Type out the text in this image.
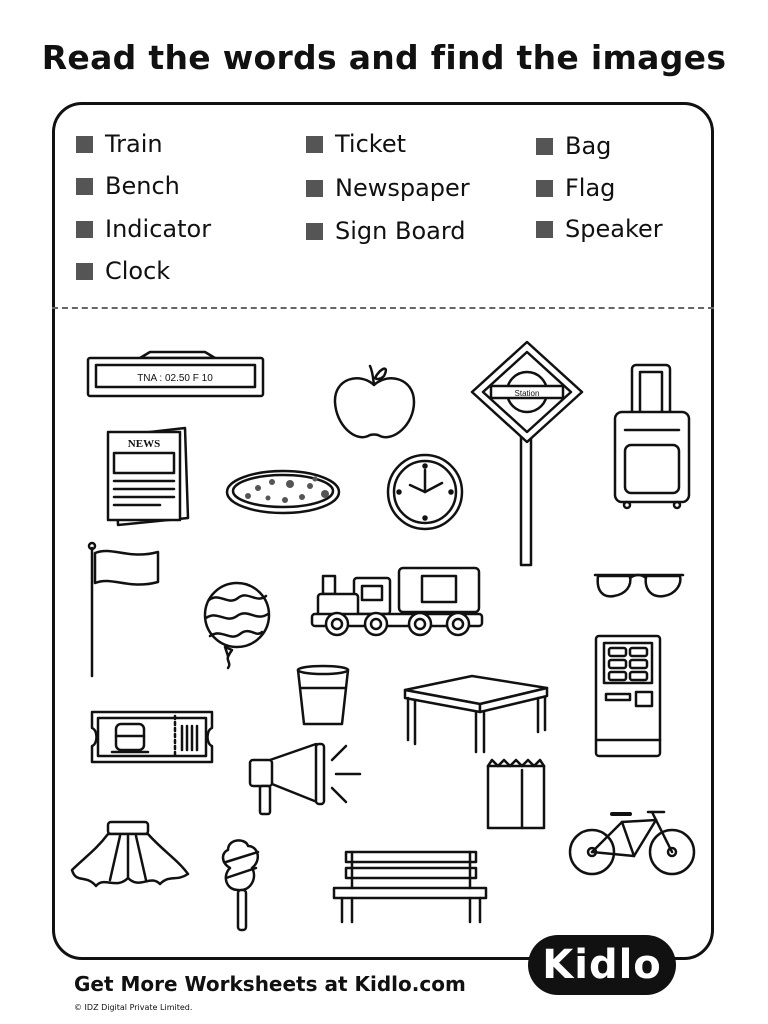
Read the words and find the images
Train
Bench
Indicator
Clock
Ticket
Newspaper
Sign Board
Bag
Flag
Speaker
TNA : 02.50 F 10
Station
NEWS
Kidlo
Get More Worksheets at Kidlo.com
© IDZ Digital Private Limited.
